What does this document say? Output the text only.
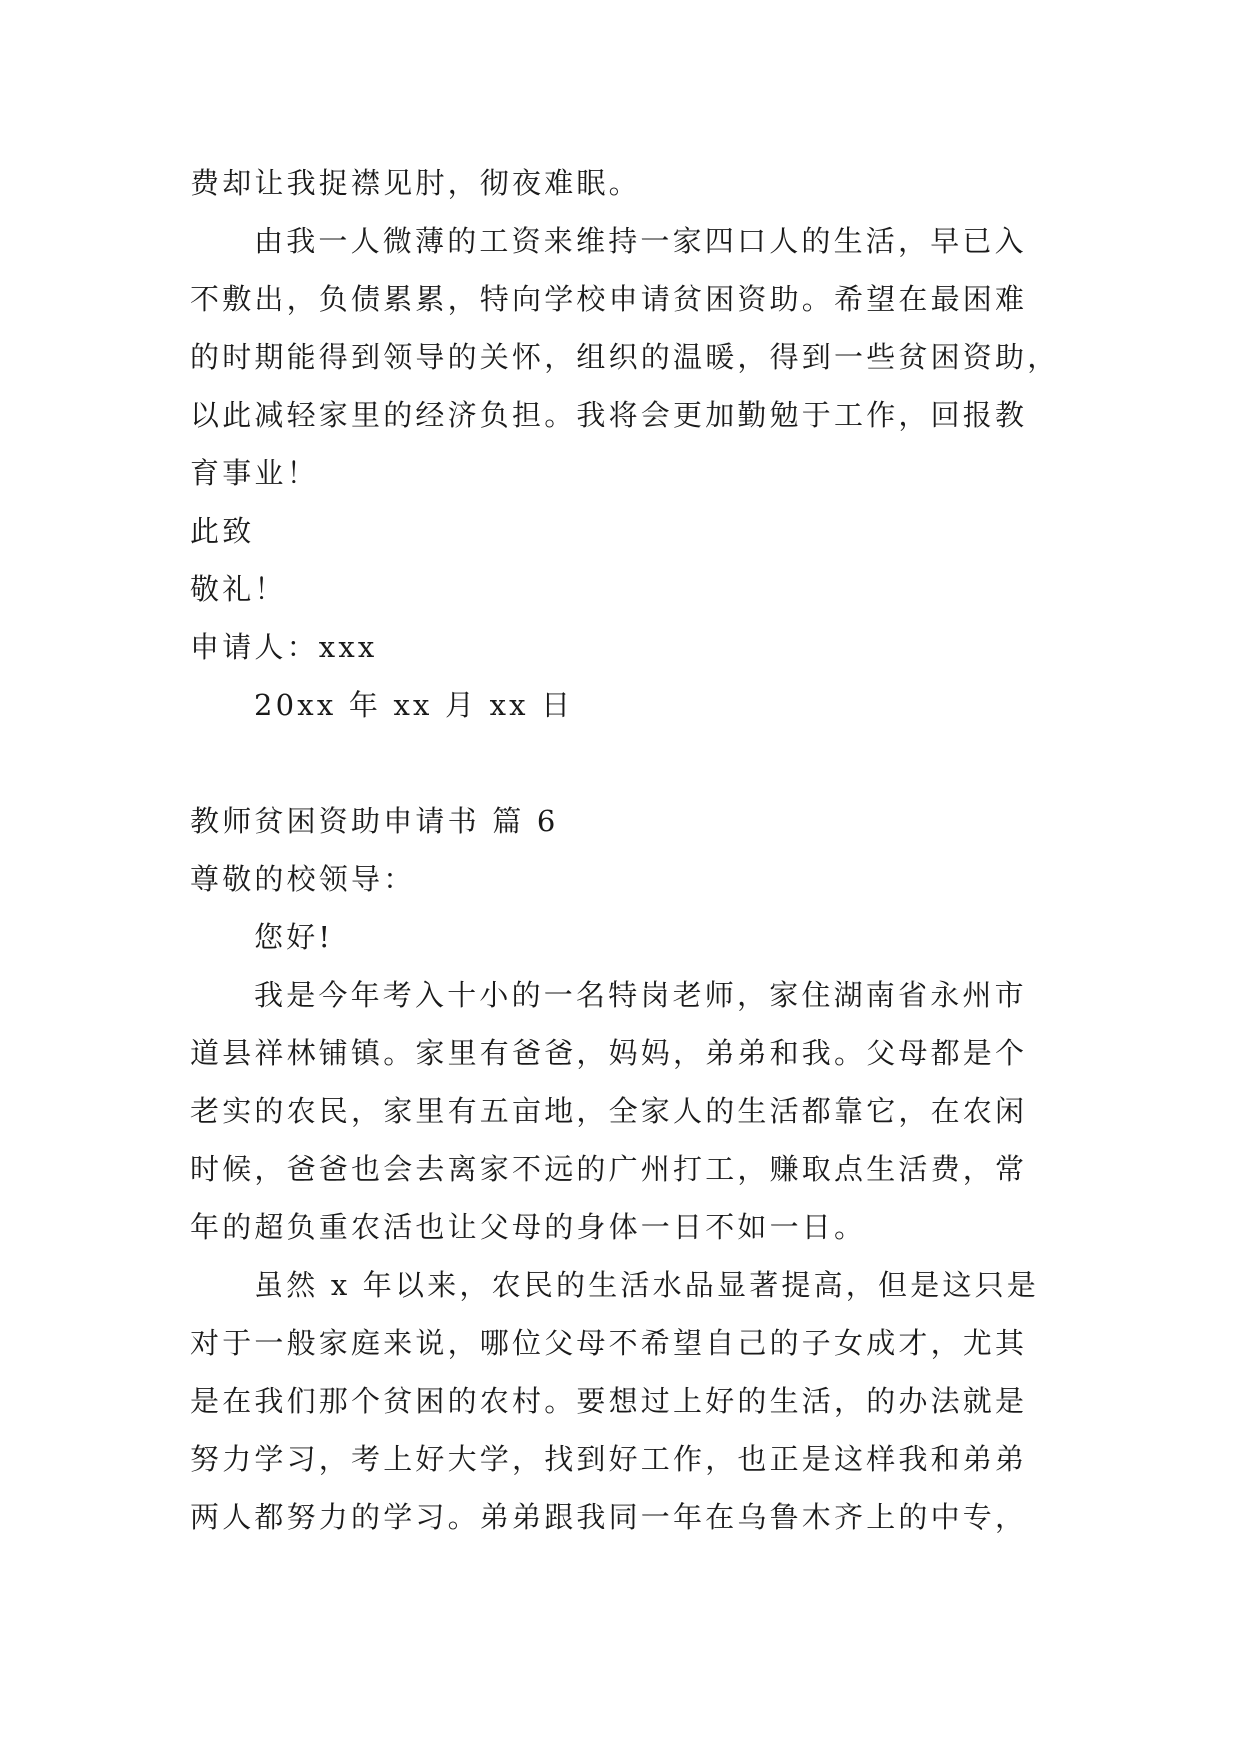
费却让我捉襟见肘，彻夜难眠。
由我一人微薄的工资来维持一家四口人的生活，早已入
不敷出，负债累累，特向学校申请贫困资助。希望在最困难
的时期能得到领导的关怀，组织的温暖，得到一些贫困资助，
以此减轻家里的经济负担。我将会更加勤勉于工作，回报教
育事业！
此致
敬礼！
申请人：xxx
20xx 年 xx 月 xx 日
教师贫困资助申请书 篇 6
尊敬的校领导：
您好!
我是今年考入十小的一名特岗老师，家住湖南省永州市
道县祥林铺镇。家里有爸爸，妈妈，弟弟和我。父母都是个
老实的农民，家里有五亩地，全家人的生活都靠它，在农闲
时候，爸爸也会去离家不远的广州打工，赚取点生活费，常
年的超负重农活也让父母的身体一日不如一日。
虽然 x 年以来，农民的生活水品显著提高，但是这只是
对于一般家庭来说，哪位父母不希望自己的子女成才，尤其
是在我们那个贫困的农村。要想过上好的生活，的办法就是
努力学习，考上好大学，找到好工作，也正是这样我和弟弟
两人都努力的学习。弟弟跟我同一年在乌鲁木齐上的中专，
